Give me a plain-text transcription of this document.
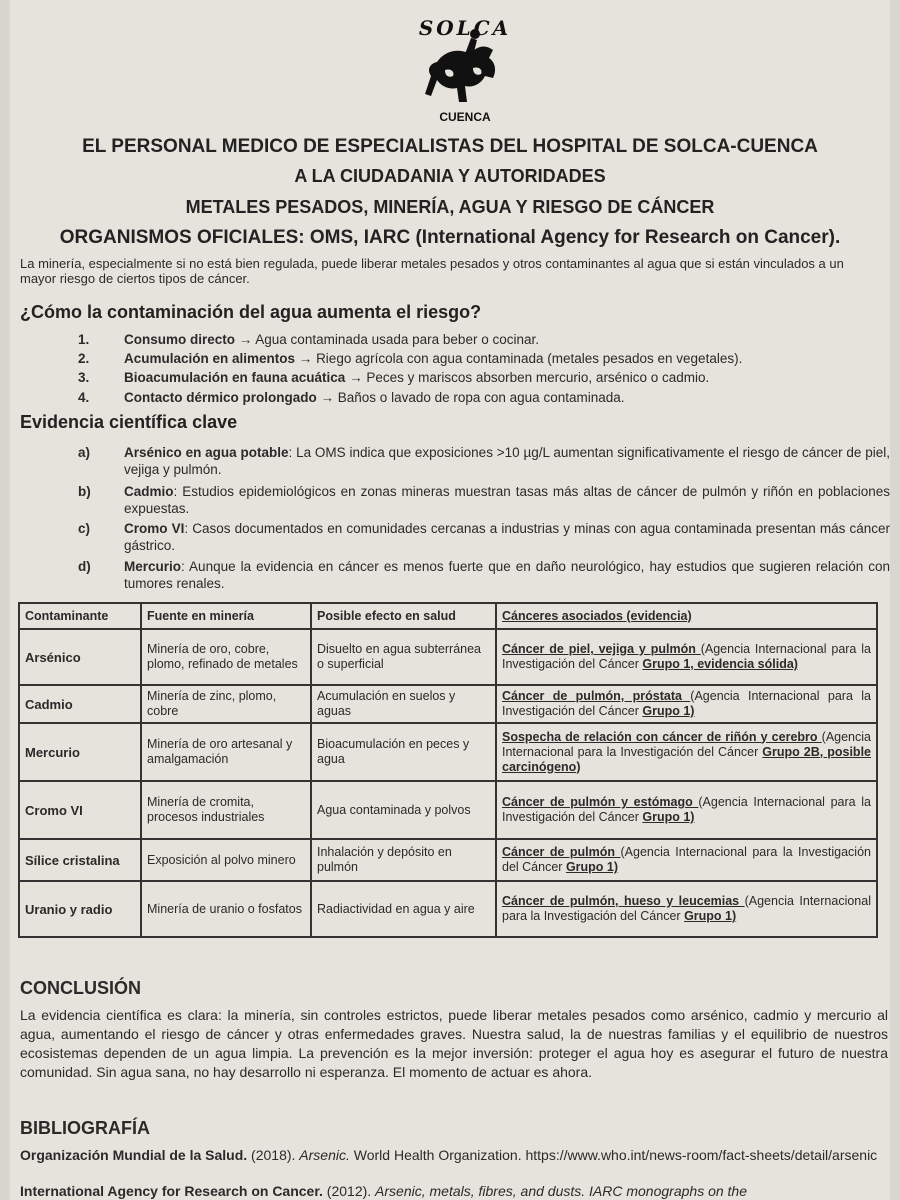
SOLCA
CUENCA
EL PERSONAL MEDICO DE ESPECIALISTAS DEL HOSPITAL DE SOLCA-CUENCA
A LA CIUDADANIA Y AUTORIDADES
METALES PESADOS, MINERÍA, AGUA Y RIESGO DE CÁNCER
ORGANISMOS OFICIALES: OMS, IARC (International Agency for Research on Cancer).
La minería, especialmente si no está bien regulada, puede liberar metales pesados y otros contaminantes al agua que si están vinculados a un mayor riesgo de ciertos tipos de cáncer.
¿Cómo la contaminación del agua aumenta el riesgo?
1.	Consumo directo → Agua contaminada usada para beber o cocinar.
2.	Acumulación en alimentos → Riego agrícola con agua contaminada (metales pesados en vegetales).
3.	Bioacumulación en fauna acuática → Peces y mariscos absorben mercurio, arsénico o cadmio.
4.	Contacto dérmico prolongado → Baños o lavado de ropa con agua contaminada.
Evidencia científica clave
a)	Arsénico en agua potable: La OMS indica que exposiciones >10 µg/L aumentan significativamente el riesgo de cáncer de piel, vejiga y pulmón.
b) Cadmio: Estudios epidemiológicos en zonas mineras muestran tasas más altas de cáncer de pulmón y riñón en poblaciones expuestas.
c)	Cromo VI: Casos documentados en comunidades cercanas a industrias y minas con agua contaminada presentan más cáncer gástrico.
d) Mercurio: Aunque la evidencia en cáncer es menos fuerte que en daño neurológico, hay estudios que sugieren relación con tumores renales.
Contaminante	Fuente en minería	Posible efecto en salud	Cánceres asociados (evidencia)
Arsénico	Minería de oro, cobre, plomo, refinado de metales	Disuelto en agua subterránea o superficial	Cáncer de piel, vejiga y pulmón (Agencia Internacional para la Investigación del Cáncer Grupo 1, evidencia sólida)
Cadmio	Minería de zinc, plomo, cobre	Acumulación en suelos y aguas	Cáncer de pulmón, próstata (Agencia Internacional para la Investigación del Cáncer Grupo 1)
Mercurio	Minería de oro artesanal y amalgamación	Bioacumulación en peces y agua	Sospecha de relación con cáncer de riñón y cerebro (Agencia Internacional para la Investigación del Cáncer Grupo 2B, posible carcinógeno)
Cromo VI	Minería de cromita, procesos industriales	Agua contaminada y polvos	Cáncer de pulmón y estómago (Agencia Internacional para la Investigación del Cáncer Grupo 1)
Sílice cristalina	Exposición al polvo minero	Inhalación y depósito en pulmón	Cáncer de pulmón (Agencia Internacional para la Investigación del Cáncer Grupo 1)
Uranio y radio	Minería de uranio o fosfatos	Radiactividad en agua y aire	Cáncer de pulmón, hueso y leucemias (Agencia Internacional para la Investigación del Cáncer Grupo 1)
CONCLUSIÓN
La evidencia científica es clara: la minería, sin controles estrictos, puede liberar metales pesados como arsénico, cadmio y mercurio al agua, aumentando el riesgo de cáncer y otras enfermedades graves. Nuestra salud, la de nuestras familias y el equilibrio de nuestros ecosistemas dependen de un agua limpia. La prevención es la mejor inversión: proteger el agua hoy es asegurar el futuro de nuestra comunidad. Sin agua sana, no hay desarrollo ni esperanza. El momento de actuar es ahora.
BIBLIOGRAFÍA
Organización Mundial de la Salud. (2018). Arsenic. World Health Organization. https://www.who.int/news-room/fact-sheets/detail/arsenic
International Agency for Research on Cancer. (2012). Arsenic, metals, fibres, and dusts. IARC monographs on the
